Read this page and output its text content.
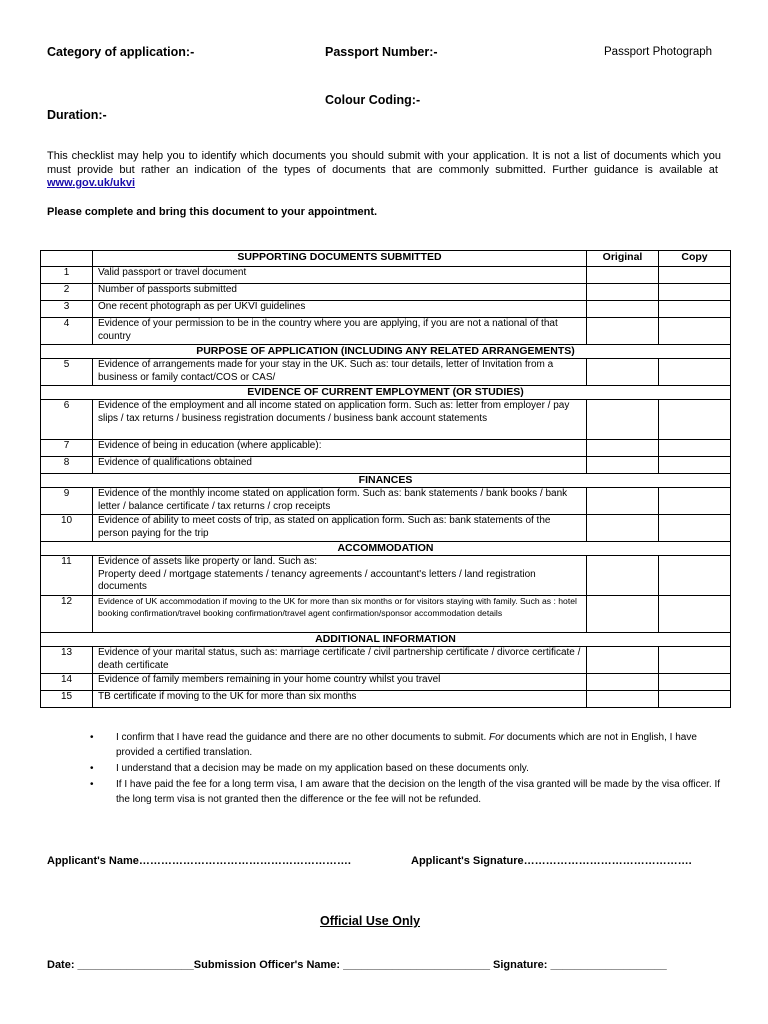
Category of application:-	Passport Number:-	Passport Photograph
Colour Coding:-
Duration:-
This checklist may help you to identify which documents you should submit with your application. It is not a list of documents which you must provide but rather an indication of the types of documents that are commonly submitted. Further guidance is available at  www.gov.uk/ukvi
Please complete and bring this document to your appointment.
	SUPPORTING DOCUMENTS SUBMITTED	Original	Copy
1	Valid passport or travel document		
2	Number of passports submitted		
3	One recent photograph as per UKVI guidelines		
4	Evidence of your permission to be in the country where you are applying, if you are not a national of that country		
PURPOSE OF APPLICATION (INCLUDING ANY RELATED ARRANGEMENTS)			
5	Evidence of arrangements made for your stay in the UK. Such as: tour details, letter of Invitation from a business or family contact/COS or CAS/		
EVIDENCE OF CURRENT EMPLOYMENT (OR STUDIES)			
6	Evidence of the employment and all income stated on application form. Such as: letter from employer / pay slips / tax returns / business registration documents / business bank account statements		
7	Evidence of being in education (where applicable):		
8	Evidence of qualifications obtained		
FINANCES			
9	Evidence of the monthly income stated on application form. Such as: bank statements / bank books / bank letter / balance certificate / tax returns / crop receipts		
10	Evidence of ability to meet costs of trip, as stated on application form. Such as: bank statements of the person paying for the trip		
ACCOMMODATION			
11	Evidence of assets like property or land. Such as:
Property deed / mortgage statements / tenancy agreements / accountant's letters / land registration documents		

12	Evidence of UK accommodation if moving to the UK for more than six months or for visitors staying with family. Such as : hotel booking confirmation/travel booking confirmation/travel agent confirmation/sponsor accommodation details		
ADDITIONAL INFORMATION			
13	Evidence of your marital status, such as: marriage certificate / civil partnership certificate / divorce certificate / death certificate		
14	Evidence of family members remaining in your home country whilst you travel		
15	TB certificate if moving to the UK for more than six months		
• I confirm that I have read the guidance and there are no other documents to submit. For documents which are not in English, I have provided a certified translation.
• I understand that a decision may be made on my application based on these documents only.
• If I have paid the fee for a long term visa, I am aware that the decision on the length of the visa granted will be made by the visa officer. If the long term visa is not granted then the difference or the fee will not be refunded.
Applicant's Name………………………………………………….	Applicant's Signature……………………………………….
Official Use Only
Date: ___________________Submission Officer's Name: ________________________ Signature: ___________________
